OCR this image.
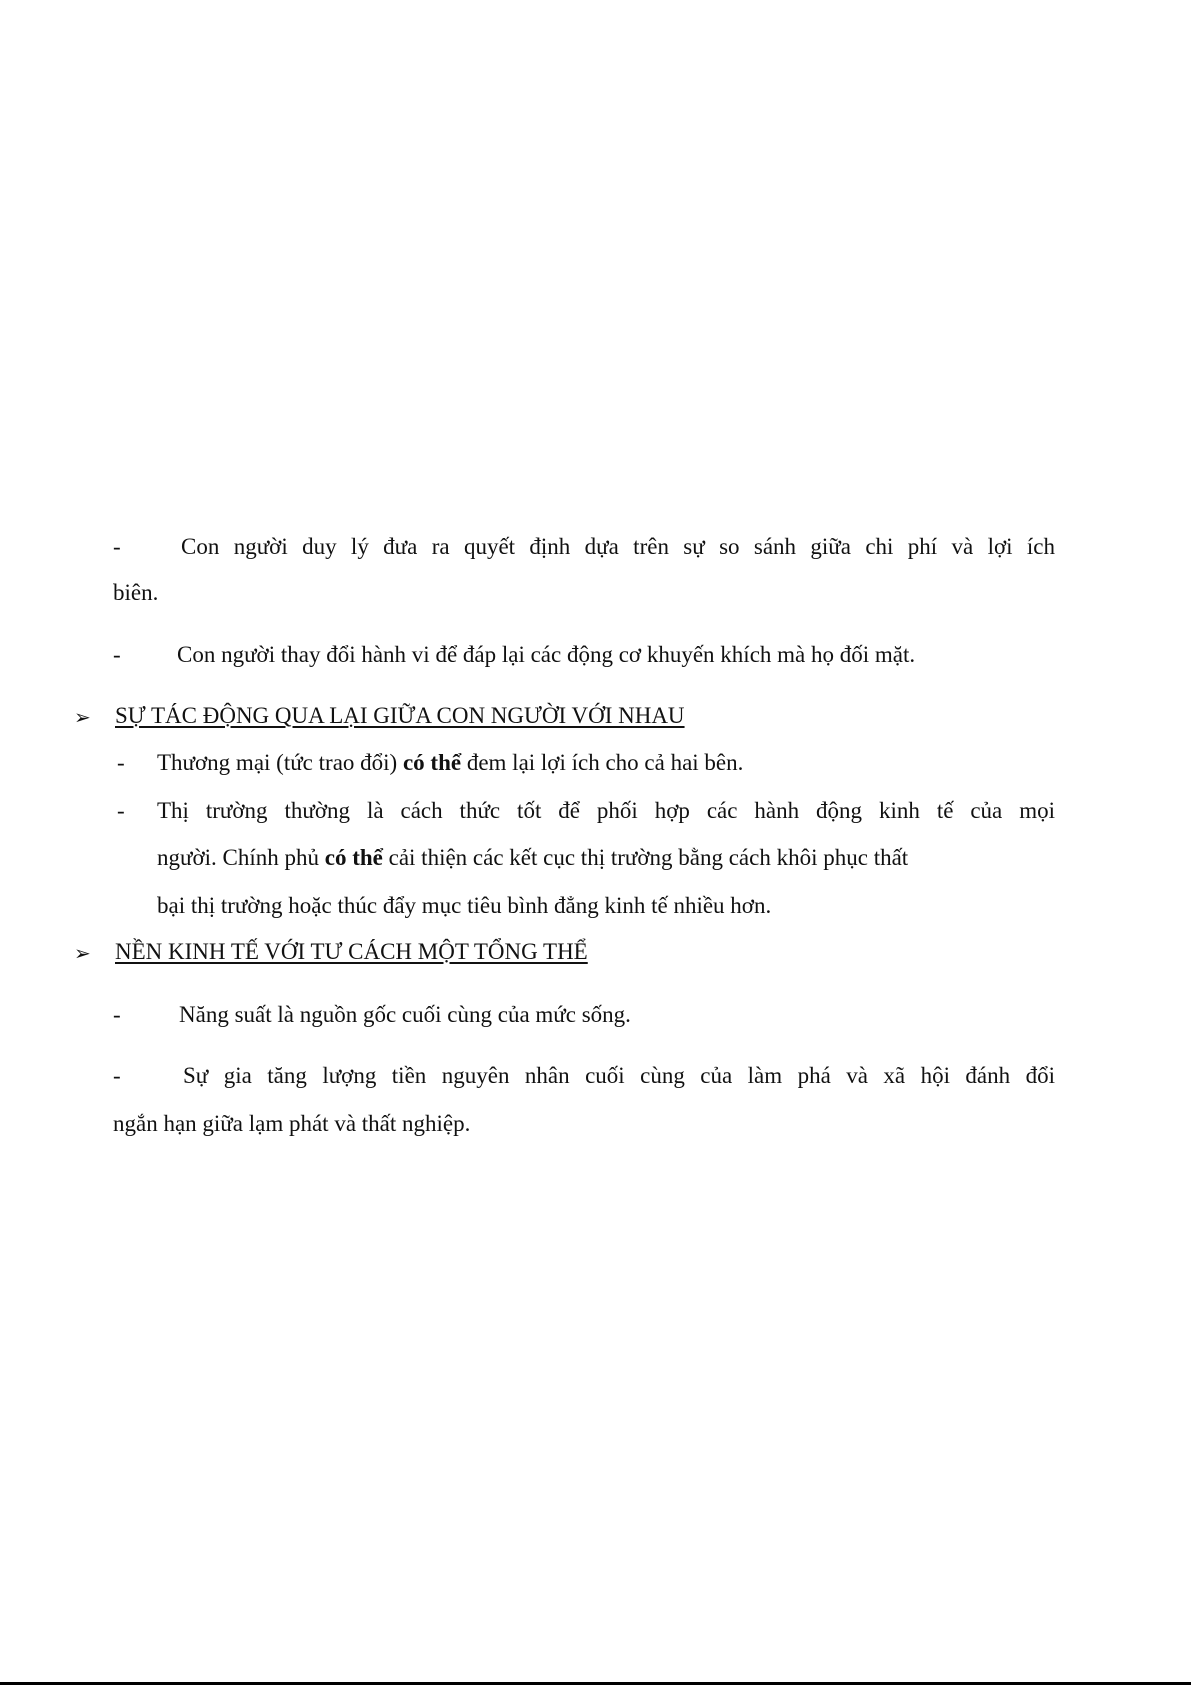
-	Con người duy lý đưa ra quyết định dựa trên sự so sánh giữa chi phí và lợi ích
biên.
- Con người thay đổi hành vi để đáp lại các động cơ khuyến khích mà họ đối mặt.
➢ SỰ TÁC ĐỘNG QUA LẠI GIỮA CON NGƯỜI VỚI NHAU
- Thương mại (tức trao đổi) có thể đem lại lợi ích cho cả hai bên.
- Thị trường thường là cách thức tốt để phối hợp các hành động kinh tế của mọi
người. Chính phủ có thể cải thiện các kết cục thị trường bằng cách khôi phục thất
bại thị trường hoặc thúc đẩy mục tiêu bình đẳng kinh tế nhiều hơn.
➢ NỀN KINH TẾ VỚI TƯ CÁCH MỘT TỔNG THỂ
-	Năng suất là nguồn gốc cuối cùng của mức sống.
-	Sự gia tăng lượng tiền nguyên nhân cuối cùng của làm phá và xã hội đánh đổi
ngắn hạn giữa lạm phát và thất nghiệp.
